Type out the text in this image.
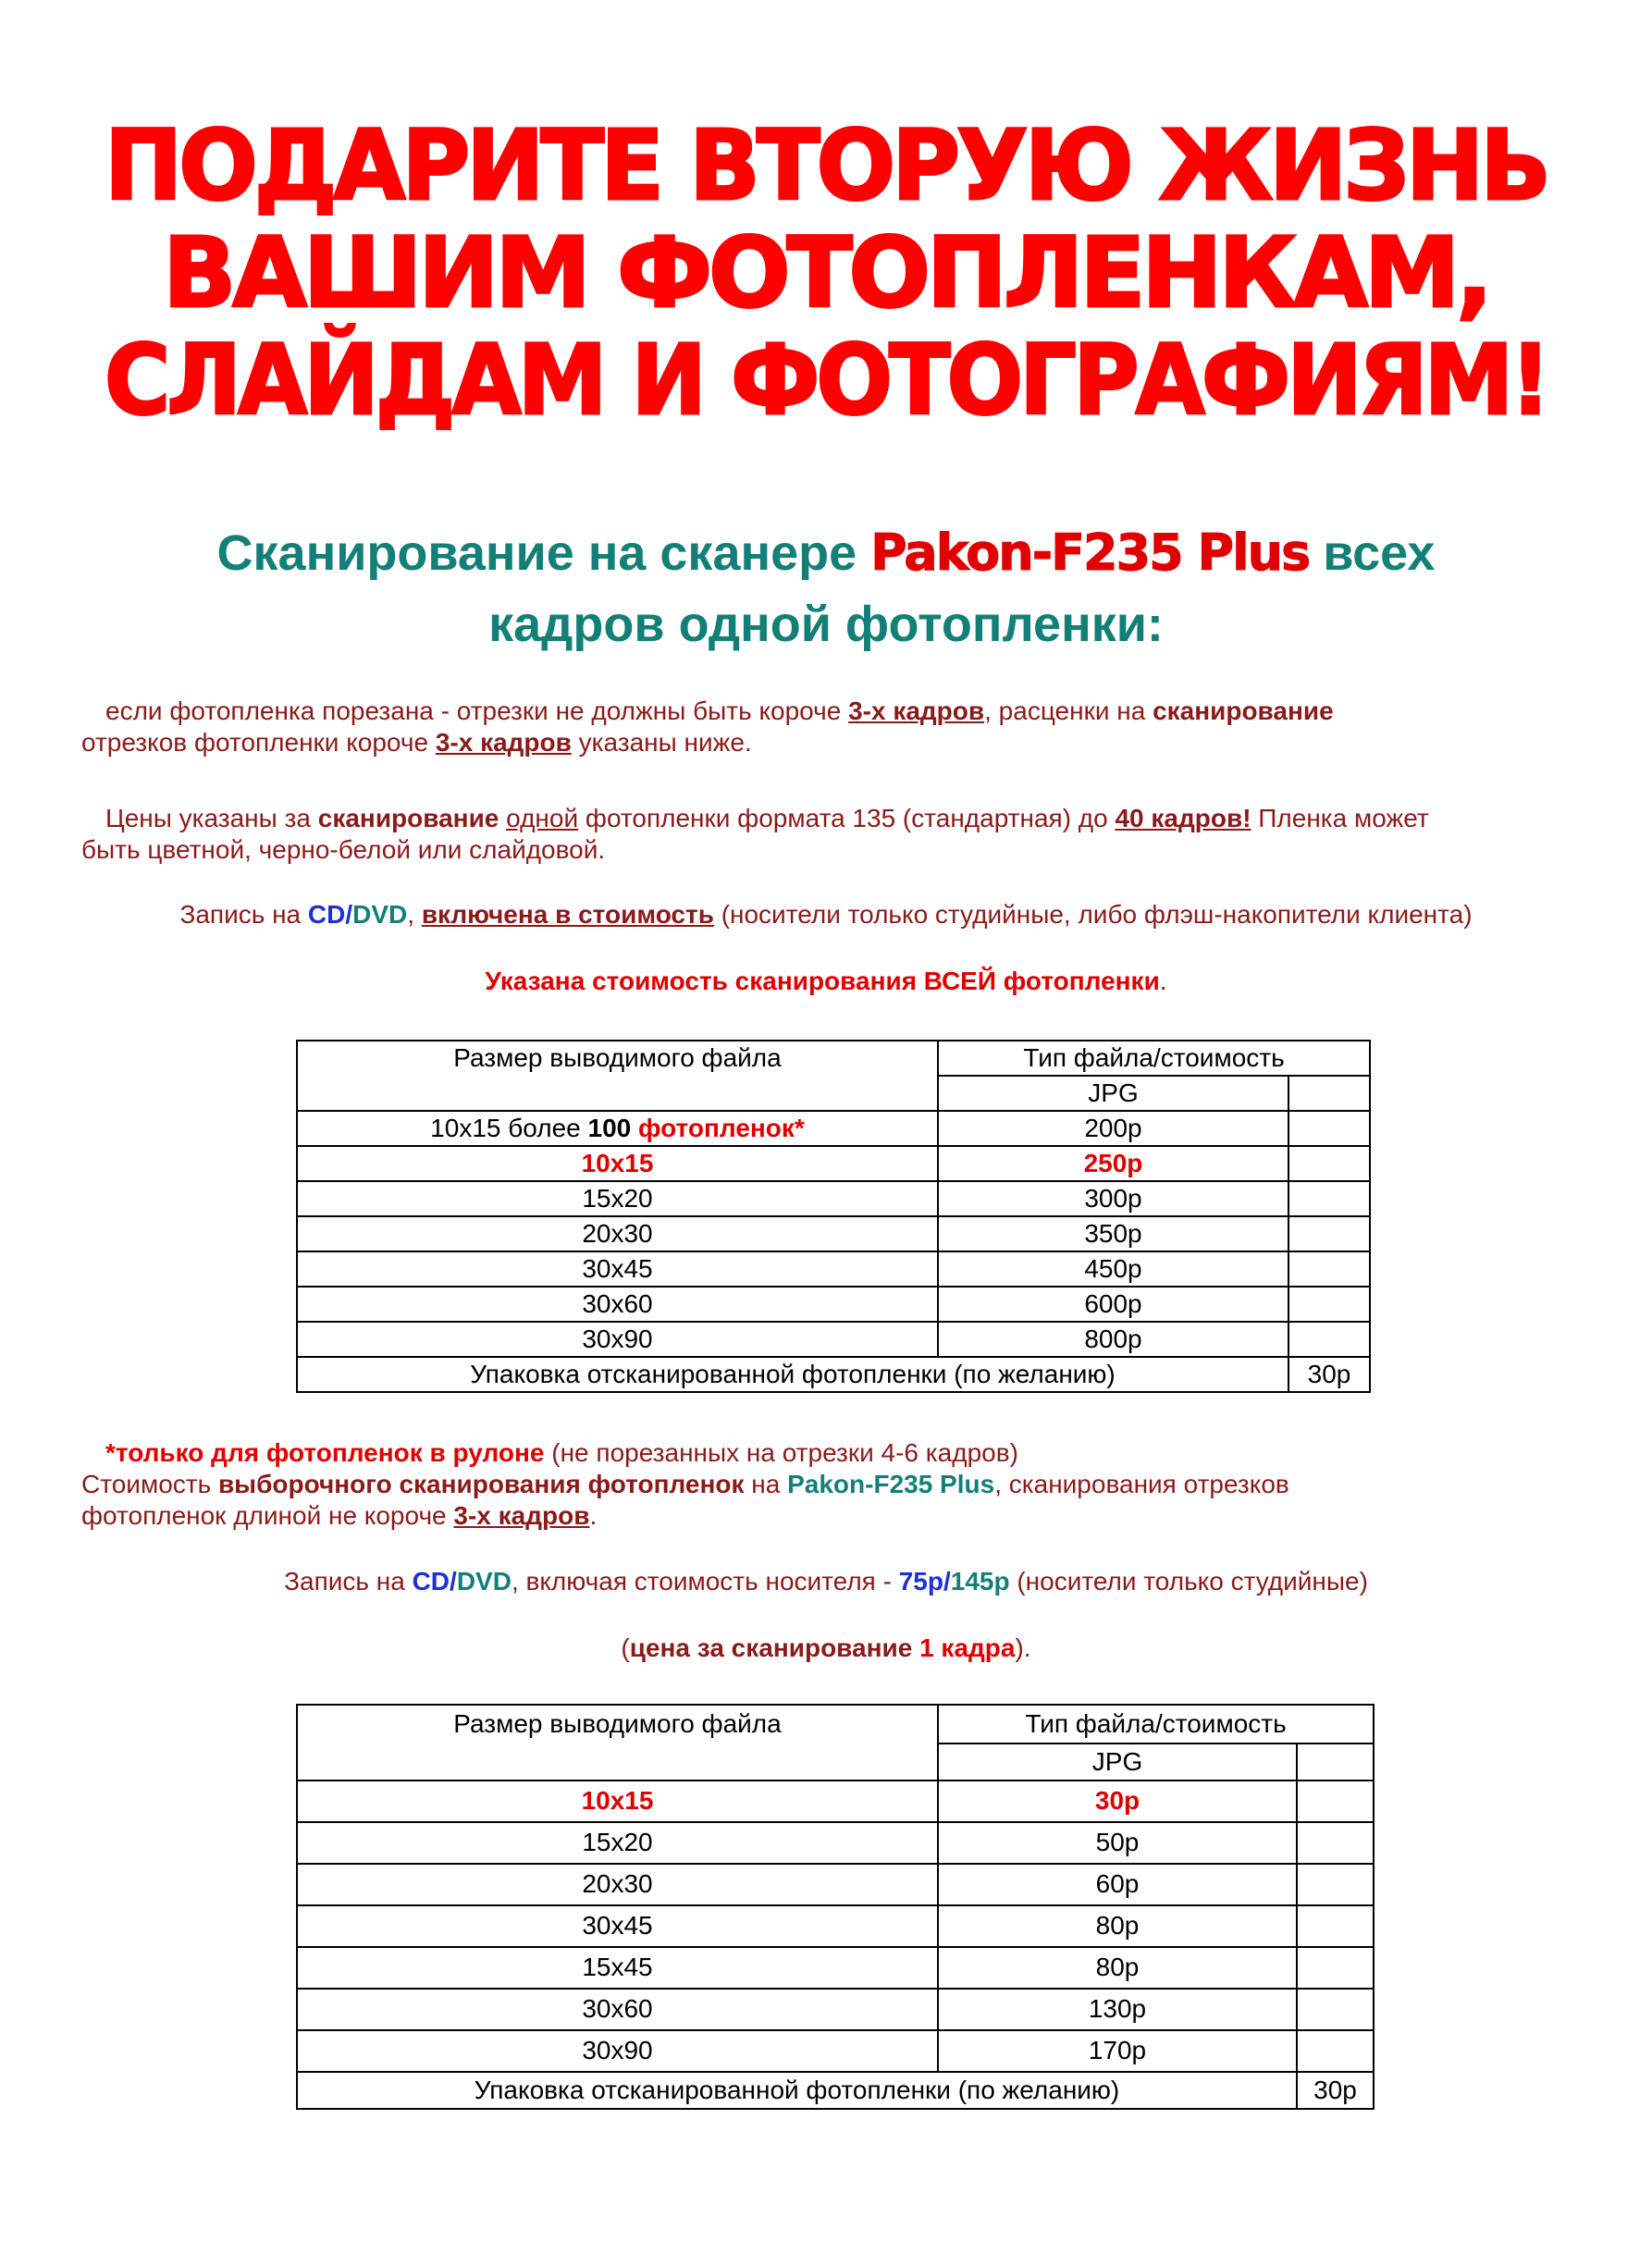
ПОДАРИТЕ ВТОРУЮ ЖИЗНЬ
ВАШИМ ФОТОПЛЕНКАМ,
СЛАЙДАМ И ФОТОГРАФИЯМ!
Сканирование на сканере Pakon-F235 Plus всех
кадров одной фотопленки:
если фотопленка порезана - отрезки не должны быть короче 3-х кадров, расценки на сканирование
отрезков фотопленки короче 3-х кадров указаны ниже.
Цены указаны за сканирование одной фотопленки формата 135 (стандартная) до 40 кадров! Пленка может
быть цветной, черно-белой или слайдовой.
Запись на CD/DVD, включена в стоимость (носители только студийные, либо флэш-накопители клиента)
Указана стоимость сканирования ВСЕЙ фотопленки.
Размер выводимого файла	Тип файла/стоимость	
	JPG	
10х15 более 100 фотопленок*	200р	
10х15	250р	
15х20	300р	
20х30	350р	
30х45	450р	
30х60	600р	
30х90	800р	
Упаковка отсканированной фотопленки (по желанию)		30р
*только для фотопленок в рулоне (не порезанных на отрезки 4-6 кадров)
Стоимость выборочного сканирования фотопленок на Pakon-F235 Plus, сканирования отрезков
фотопленок длиной не короче 3-х кадров.
Запись на CD/DVD, включая стоимость носителя - 75р/145р (носители только студийные)
(цена за сканирование 1 кадра).
Размер выводимого файла	Тип файла/стоимость	
	JPG	
10х15	30р	
15х20	50р	
20х30	60р	
30х45	80р	
15х45	80р	
30х60	130р	
30х90	170р	
Упаковка отсканированной фотопленки (по желанию)		30р
